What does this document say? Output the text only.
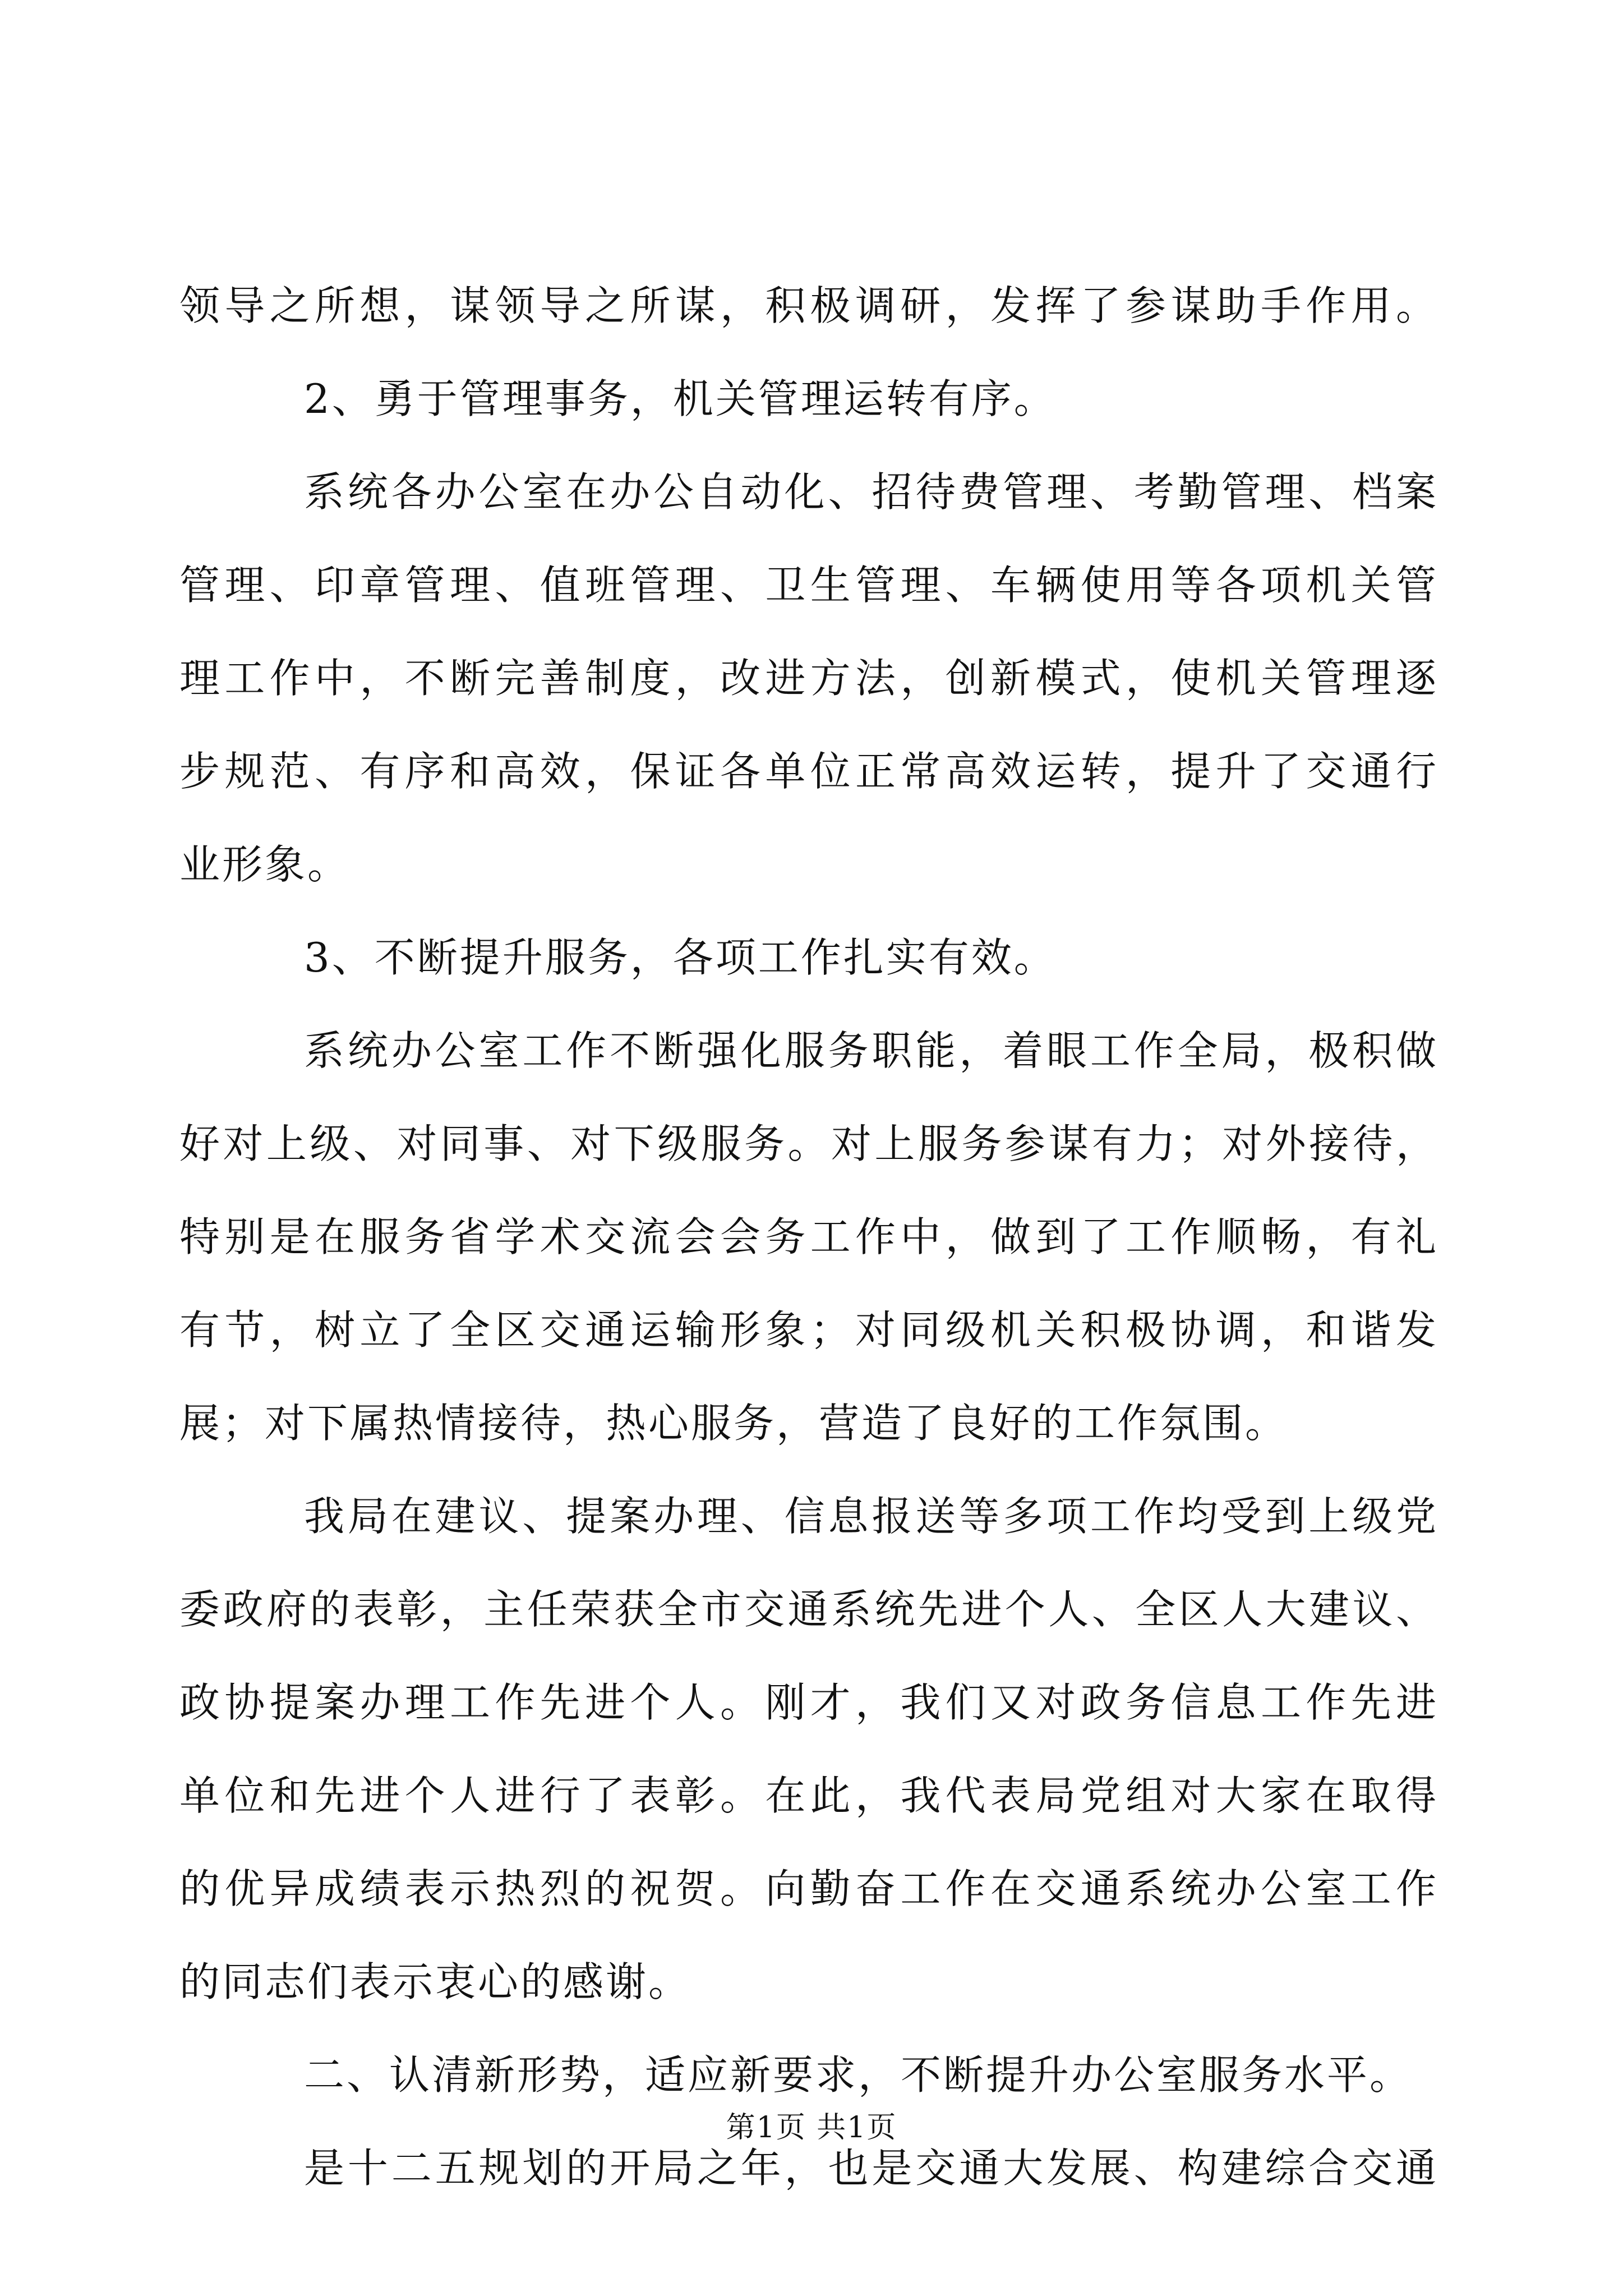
领导之所想，谋领导之所谋，积极调研，发挥了参谋助手作用。
2、勇于管理事务，机关管理运转有序。
系统各办公室在办公自动化、招待费管理、考勤管理、档案
管理、印章管理、值班管理、卫生管理、车辆使用等各项机关管
理工作中，不断完善制度，改进方法，创新模式，使机关管理逐
步规范、有序和高效，保证各单位正常高效运转，提升了交通行
业形象。
3、不断提升服务，各项工作扎实有效。
系统办公室工作不断强化服务职能，着眼工作全局，极积做
好对上级、对同事、对下级服务。对上服务参谋有力；对外接待，
特别是在服务省学术交流会会务工作中，做到了工作顺畅，有礼
有节，树立了全区交通运输形象；对同级机关积极协调，和谐发
展；对下属热情接待，热心服务，营造了良好的工作氛围。
我局在建议、提案办理、信息报送等多项工作均受到上级党
委政府的表彰，主任荣获全市交通系统先进个人、全区人大建议、
政协提案办理工作先进个人。刚才，我们又对政务信息工作先进
单位和先进个人进行了表彰。在此，我代表局党组对大家在取得
的优异成绩表示热烈的祝贺。向勤奋工作在交通系统办公室工作
的同志们表示衷心的感谢。
二、认清新形势，适应新要求，不断提升办公室服务水平。
是十二五规划的开局之年，也是交通大发展、构建综合交通
第1页 共1页
